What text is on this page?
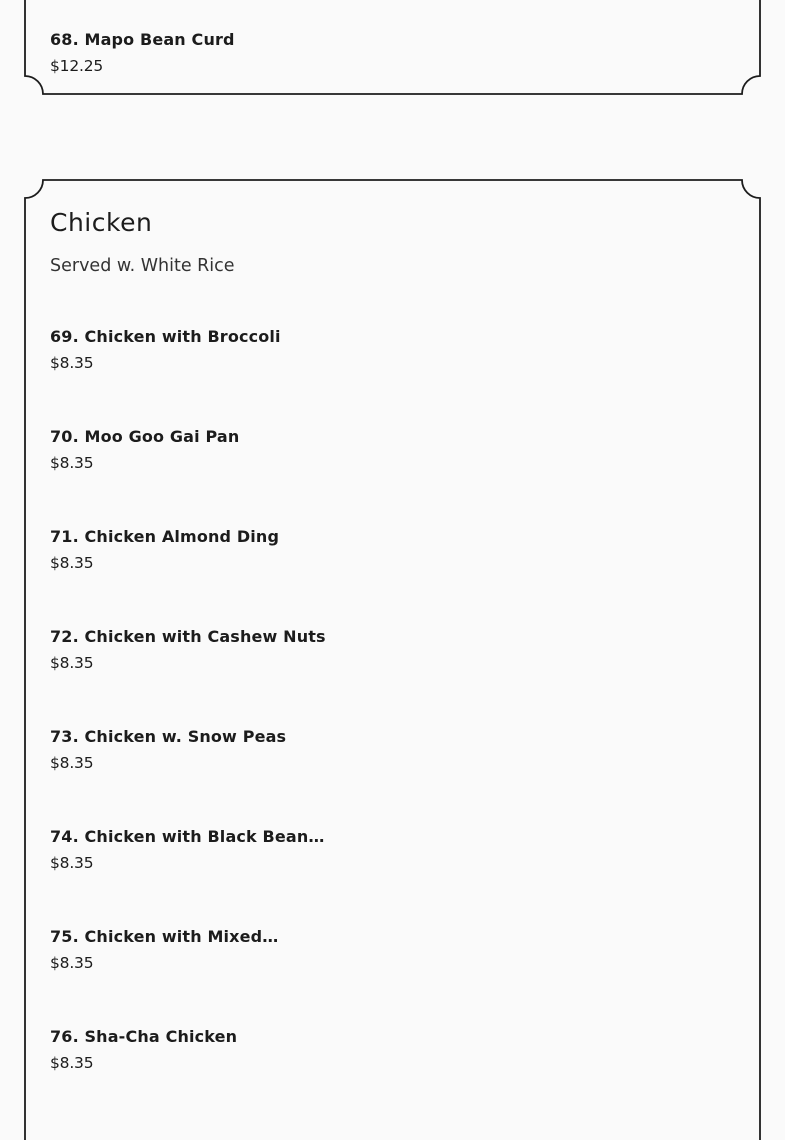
68. Mapo Bean Curd
$12.25
Chicken

Served w. White Rice

69. Chicken with Broccoli
$8.35
70. Moo Goo Gai Pan
$8.35
71. Chicken Almond Ding
$8.35
72. Chicken with Cashew Nuts
$8.35
73. Chicken w. Snow Peas
$8.35
74. Chicken with Black Bean…
$8.35
75. Chicken with Mixed…
$8.35
76. Sha-Cha Chicken
$8.35
